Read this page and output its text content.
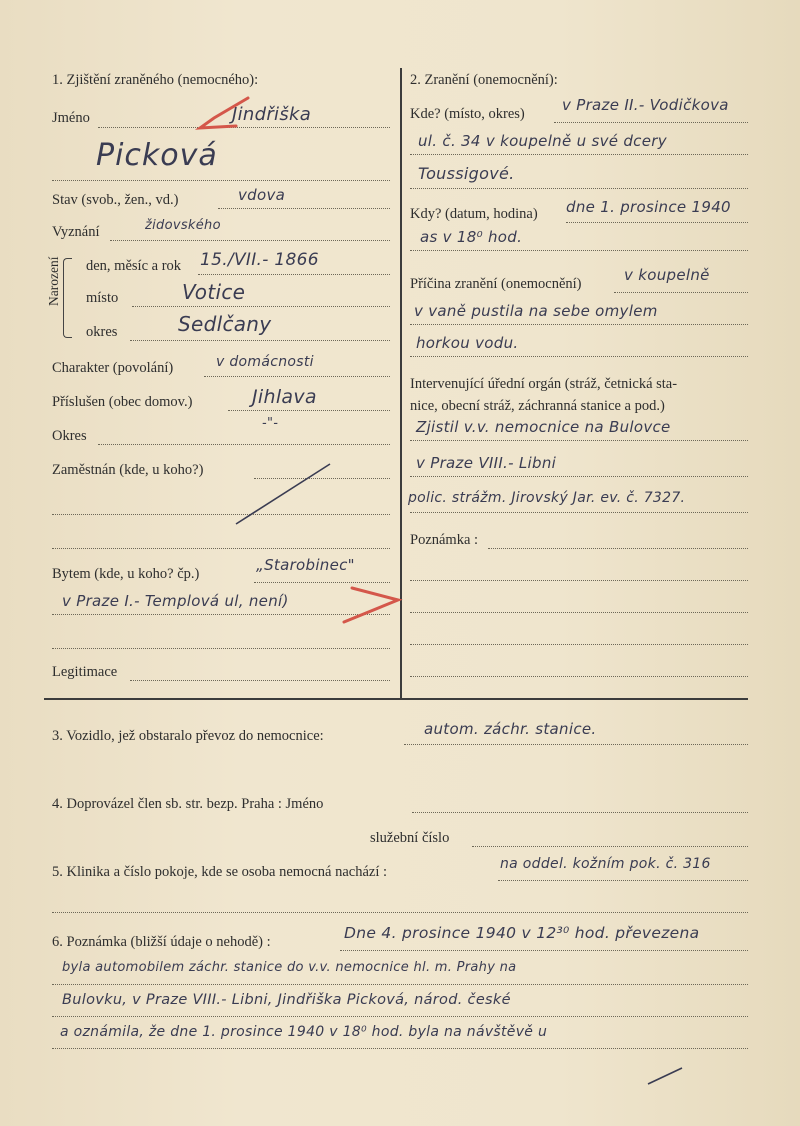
1. Zjištění zraněného (nemocného):
Jméno	Jindřiška
Picková
Stav (svob., žen., vd.)	vdova
Vyznání	židovského
Narození den, měsíc a rok 15./VII.- 1866
místo	Votice
okres	Sedlčany
Charakter (povolání)	v domácnosti
Příslušen (obec domov.)	Jihlava
Okres
-"-
Zaměstnán (kde, u koho?)
Bytem (kde, u koho? čp.)	„Starobinec"
v Praze I.- Templová ul, není)
Legitimace
2. Zranění (onemocnění):
Kde? (místo, okres) v Praze II.- Vodičkova
ul. č. 34 v koupelně u své dcery
Toussigové.
Kdy? (datum, hodina) dne 1. prosince 1940
as v 18⁰ hod.
Příčina zranění (onemocnění)	v koupelně
v vaně pustila na sebe omylem
horkou vodu.
Intervenující úřední orgán (stráž, četnická sta-
nice, obecní stráž, záchranná stanice a pod.)
Zjistil v.v. nemocnice na Bulovce
v Praze VIII.- Libni
polic. strážm. Jirovský Jar. ev. č. 7327.
Poznámka :
3. Vozidlo, jež obstaralo převoz do nemocnice:	autom. záchr. stanice.
4. Doprovázel člen sb. str. bezp. Praha : Jméno
služební číslo
5. Klinika a číslo pokoje, kde se osoba nemocná nachází :	na oddel. kožním pok. č. 316
6. Poznámka (bližší údaje o nehodě) :	Dne 4. prosince 1940 v 12³⁰ hod. převezena
byla automobilem záchr. stanice do v.v. nemocnice hl. m. Prahy na
Bulovku, v Praze VIII.- Libni, Jindřiška Picková, národ. české
a oznámila, že dne 1. prosince 1940 v 18⁰ hod. byla na návštěvě u
